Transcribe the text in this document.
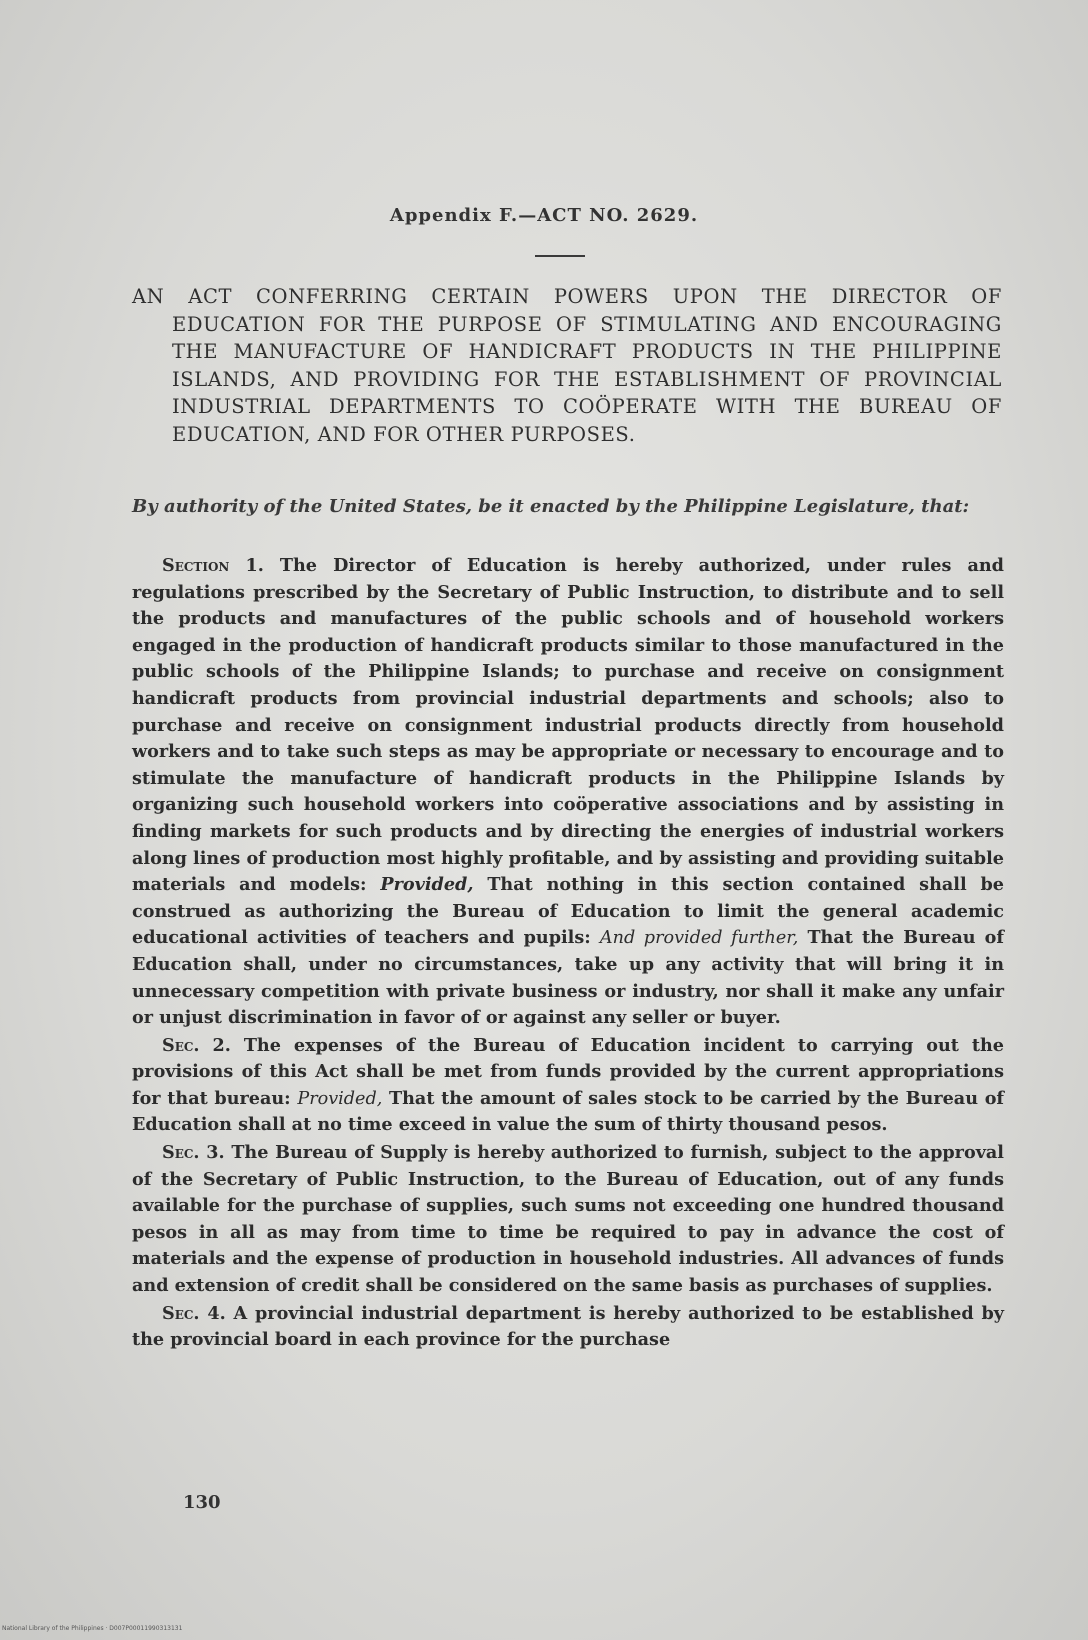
Appendix F.—ACT NO. 2629.
AN ACT CONFERRING CERTAIN POWERS UPON THE DIRECTOR OF EDUCATION FOR THE PURPOSE OF STIMULATING AND ENCOURAGING THE MANUFACTURE OF HANDICRAFT PRODUCTS IN THE PHILIPPINE ISLANDS, AND PROVIDING FOR THE ESTABLISHMENT OF PROVINCIAL INDUSTRIAL DEPARTMENTS TO COÖPERATE WITH THE BUREAU OF EDUCATION, AND FOR OTHER PURPOSES.
By authority of the United States, be it enacted by the Philippine Legislature, that:

Section 1. The Director of Education is hereby authorized, under rules and regulations prescribed by the Secretary of Public Instruction, to distribute and to sell the products and manufactures of the public schools and of household workers engaged in the production of handicraft products similar to those manufactured in the public schools of the Philippine Islands; to purchase and receive on consignment handicraft products from provincial industrial departments and schools; also to purchase and receive on consignment industrial products directly from household workers and to take such steps as may be appropriate or necessary to encourage and to stimulate the manufacture of handicraft products in the Philippine Islands by organizing such household workers into coöperative associations and by assisting in finding markets for such products and by directing the energies of industrial workers along lines of production most highly profitable, and by assisting and providing suitable materials and models: Provided, That nothing in this section contained shall be construed as authorizing the Bureau of Education to limit the general academic educational activities of teachers and pupils: And provided further, That the Bureau of Education shall, under no circumstances, take up any activity that will bring it in unnecessary competition with private business or industry, nor shall it make any unfair or unjust discrimination in favor of or against any seller or buyer.

Sec. 2. The expenses of the Bureau of Education incident to carrying out the provisions of this Act shall be met from funds provided by the current appropriations for that bureau: Provided, That the amount of sales stock to be carried by the Bureau of Education shall at no time exceed in value the sum of thirty thousand pesos.

Sec. 3. The Bureau of Supply is hereby authorized to furnish, subject to the approval of the Secretary of Public Instruction, to the Bureau of Education, out of any funds available for the purchase of supplies, such sums not exceeding one hundred thousand pesos in all as may from time to time be required to pay in advance the cost of materials and the expense of production in household industries. All advances of funds and extension of credit shall be considered on the same basis as purchases of supplies.

Sec. 4. A provincial industrial department is hereby authorized to be established by the provincial board in each province for the purchase

130
National Library of the Philippines · D007P00011990313131
